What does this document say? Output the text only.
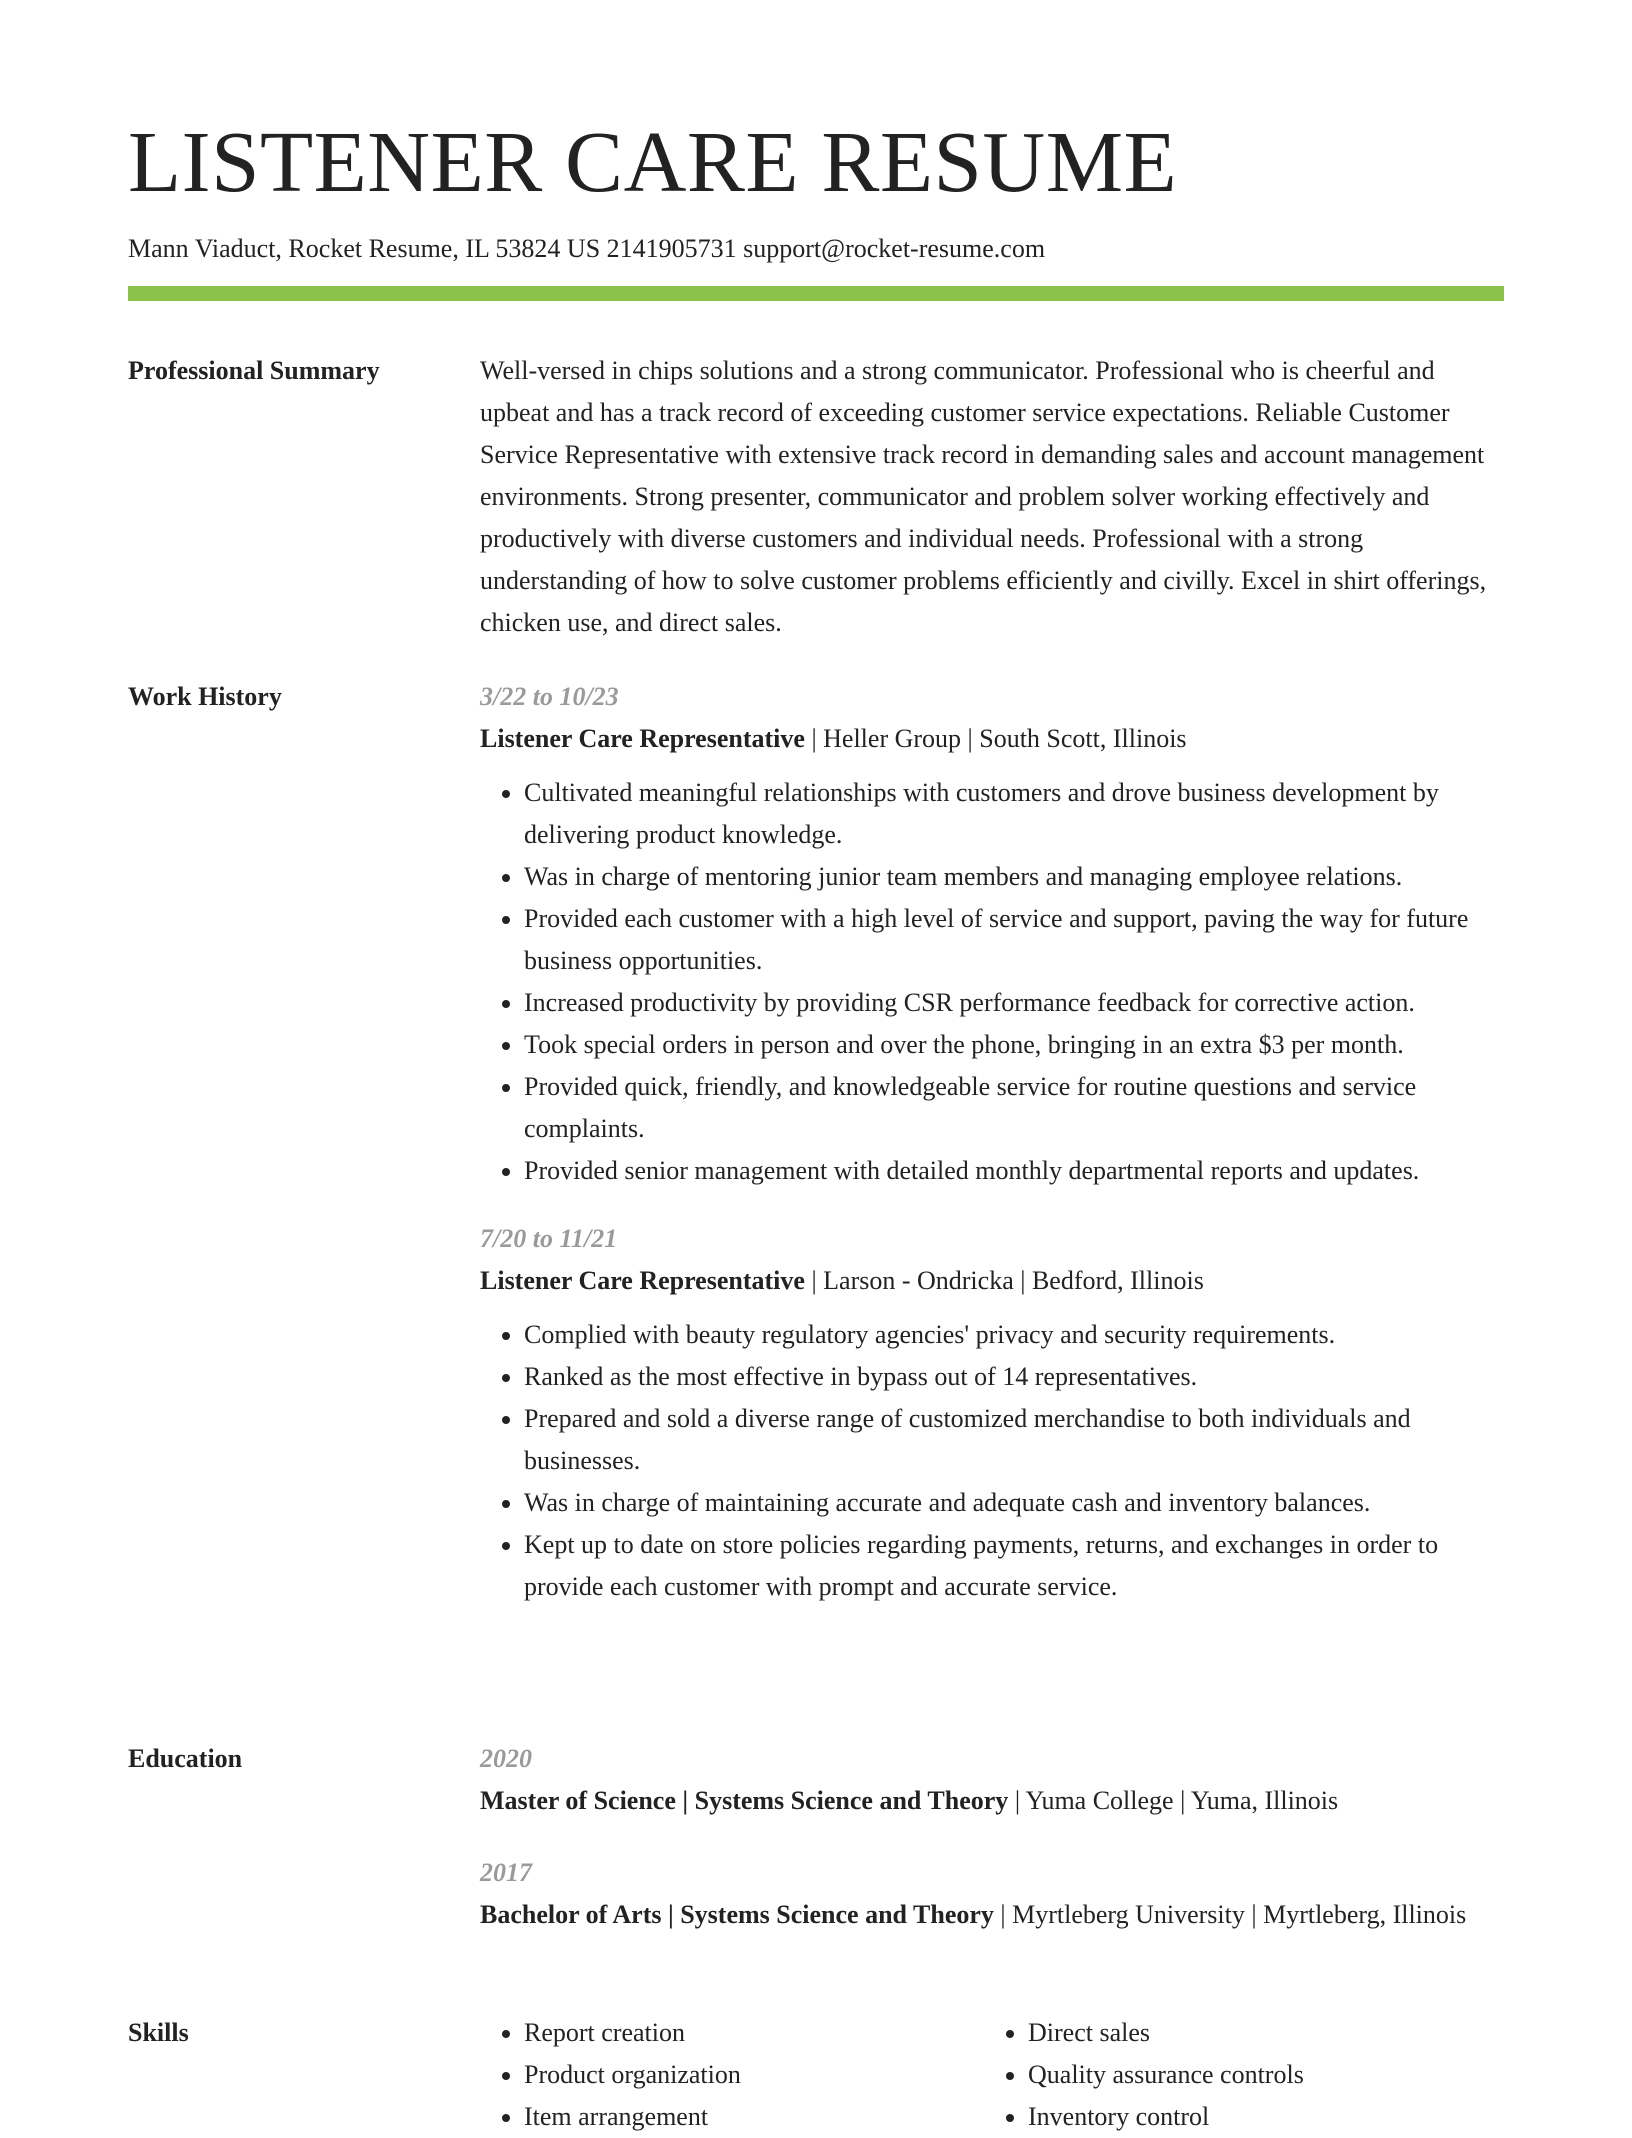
LISTENER CARE RESUME
Mann Viaduct, Rocket Resume, IL 53824 US 2141905731 support@rocket-resume.com
Professional Summary	Well-versed in chips solutions and a strong communicator. Professional who is cheerful and upbeat and has a track record of exceeding customer service expectations. Reliable Customer Service Representative with extensive track record in demanding sales and account management environments. Strong presenter, communicator and problem solver working effectively and productively with diverse customers and individual needs. Professional with a strong understanding of how to solve customer problems efficiently and civilly. Excel in shirt offerings, chicken use, and direct sales.

Work History	3/22 to 10/23
Listener Care Representative | Heller Group | South Scott, Illinois
• Cultivated meaningful relationships with customers and drove business development by delivering product knowledge.
• Was in charge of mentoring junior team members and managing employee relations.
• Provided each customer with a high level of service and support, paving the way for future business opportunities.
• Increased productivity by providing CSR performance feedback for corrective action.
• Took special orders in person and over the phone, bringing in an extra $3 per month.
• Provided quick, friendly, and knowledgeable service for routine questions and service complaints.
• Provided senior management with detailed monthly departmental reports and updates.
7/20 to 11/21
Listener Care Representative | Larson - Ondricka | Bedford, Illinois
• Complied with beauty regulatory agencies' privacy and security requirements.
• Ranked as the most effective in bypass out of 14 representatives.
• Prepared and sold a diverse range of customized merchandise to both individuals and businesses.
• Was in charge of maintaining accurate and adequate cash and inventory balances.
• Kept up to date on store policies regarding payments, returns, and exchanges in order to provide each customer with prompt and accurate service.
Education	2020
Master of Science | Systems Science and Theory | Yuma College | Yuma, Illinois
2017
Bachelor of Arts | Systems Science and Theory | Myrtleberg University | Myrtleberg, Illinois
Skills
•	Report creation
• Product organization
• Item arrangement
• Direct sales
• Quality assurance controls
• Inventory control
